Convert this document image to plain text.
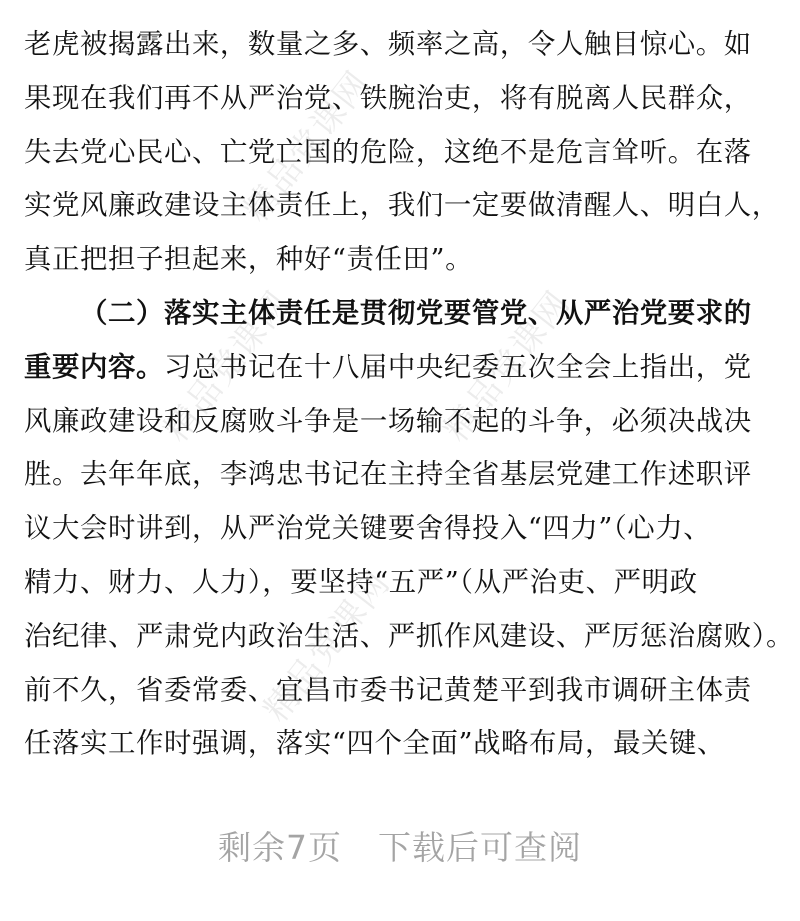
精品党课网
精品党课网	精品党课网
精品党课网
老虎被揭露出来，数量之多、频率之高，令人触目惊心。如
果现在我们再不从严治党、铁腕治吏，将有脱离人民群众，
失去党心民心、亡党亡国的危险，这绝不是危言耸听。在落
实党风廉政建设主体责任上，我们一定要做清醒人、明白人，
真正把担子担起来，种好“责任田”。
（二）落实主体责任是贯彻党要管党、从严治党要求的
重要内容。习总书记在十八届中央纪委五次全会上指出，党
风廉政建设和反腐败斗争是一场输不起的斗争，必须决战决
胜。去年年底，李鸿忠书记在主持全省基层党建工作述职评
议大会时讲到，从严治党关键要舍得投入“四力”（心力、
精力、财力、人力），要坚持“五严”（从严治吏、严明政
治纪律、严肃党内政治生活、严抓作风建设、严厉惩治腐败）。
前不久，省委常委、宜昌市委书记黄楚平到我市调研主体责
任落实工作时强调，落实“四个全面”战略布局，最关键、
剩余7页 下载后可查阅
